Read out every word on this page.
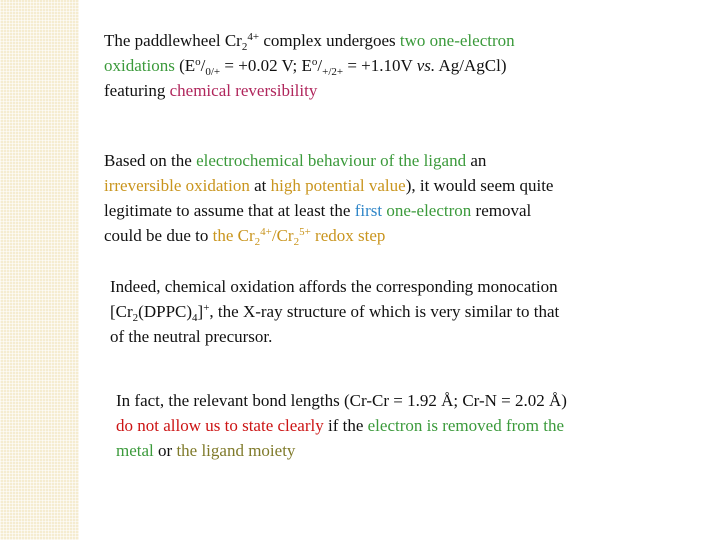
The paddlewheel $Cr_2^{4+}$ complex undergoes two one-electron
oxidations ($E^o/_{0/+} = +0.02$ V; $E^o/_{+/2+} = +1.10V$ vs. Ag/AgCl)
featuring chemical reversibility
Based on the electrochemical behaviour of the ligand an
irreversible oxidation at high potential value), it would seem quite
legitimate to assume that at least the first one-electron removal
could be due to the $Cr_2^{4+}/Cr_2^{5+}$ redox step
Indeed, chemical oxidation affords the corresponding monocation
$[Cr_2(DPPC)_4]^+$, the X-ray structure of which is very similar to that
of the neutral precursor.
In fact, the relevant bond lengths (Cr-Cr = 1.92 Å; Cr-N = 2.02 Å)
do not allow us to state clearly if the electron is removed from the
metal or the ligand moiety
